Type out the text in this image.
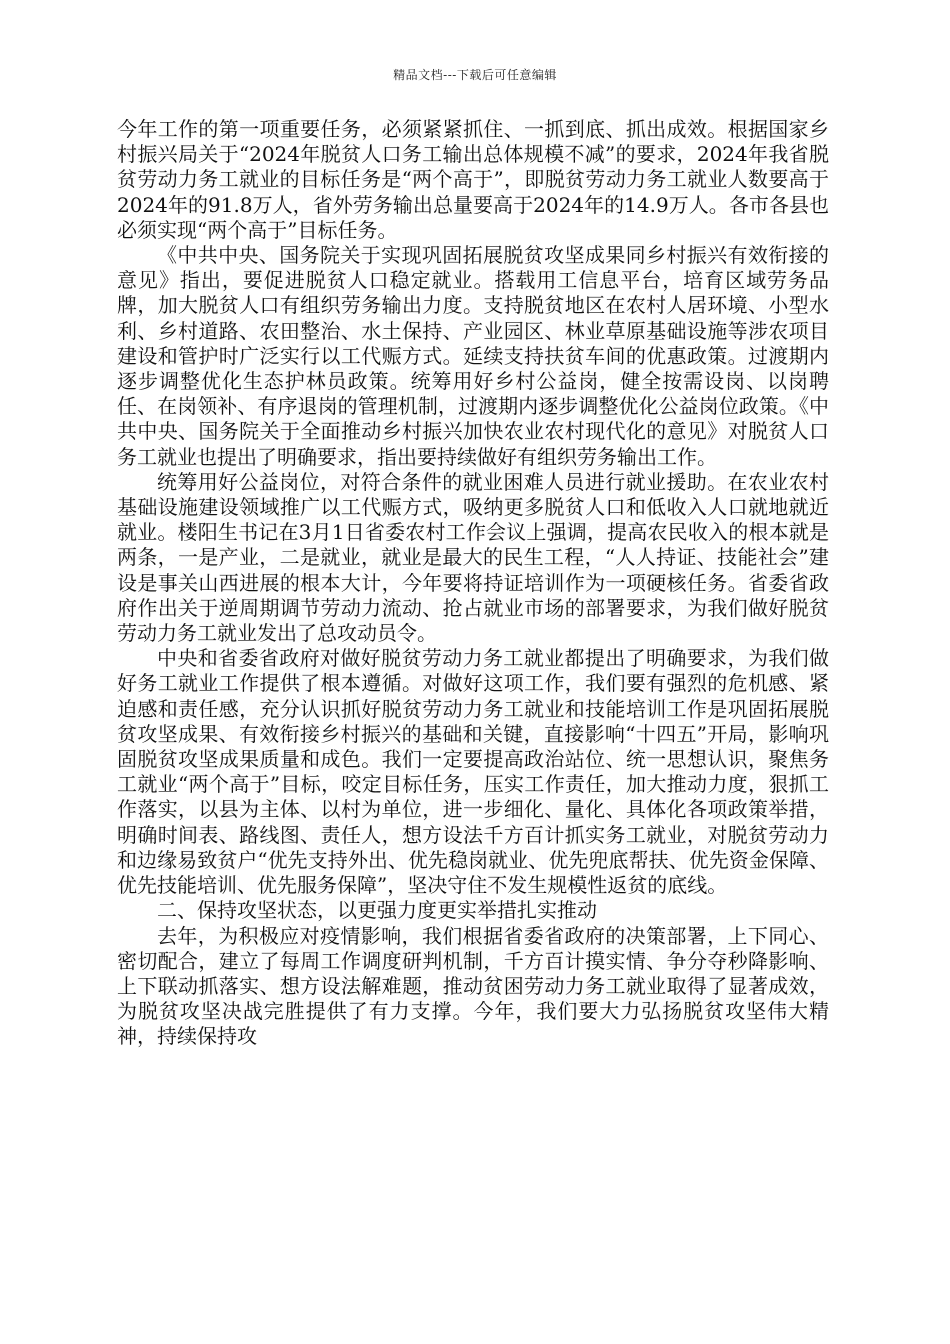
精品文档---下载后可任意编辑

今年工作的第一项重要任务，必须紧紧抓住、一抓到底、抓出成效。根据国家乡村振兴局关于“2024年脱贫人口务工输出总体规模不减”的要求，2024年我省脱贫劳动力务工就业的目标任务是“两个高于”，即脱贫劳动力务工就业人数要高于2024年的91.8万人，省外劳务输出总量要高于2024年的14.9万人。各市各县也必须实现“两个高于”目标任务。

《中共中央、国务院关于实现巩固拓展脱贫攻坚成果同乡村振兴有效衔接的意见》指出，要促进脱贫人口稳定就业。搭载用工信息平台，培育区域劳务品牌，加大脱贫人口有组织劳务输出力度。支持脱贫地区在农村人居环境、小型水利、乡村道路、农田整治、水土保持、产业园区、林业草原基础设施等涉农项目建设和管护时广泛实行以工代赈方式。延续支持扶贫车间的优惠政策。过渡期内逐步调整优化生态护林员政策。统筹用好乡村公益岗，健全按需设岗、以岗聘任、在岗领补、有序退岗的管理机制，过渡期内逐步调整优化公益岗位政策。《中共中央、国务院关于全面推动乡村振兴加快农业农村现代化的意见》对脱贫人口务工就业也提出了明确要求，指出要持续做好有组织劳务输出工作。

统筹用好公益岗位，对符合条件的就业困难人员进行就业援助。在农业农村基础设施建设领域推广以工代赈方式，吸纳更多脱贫人口和低收入人口就地就近就业。楼阳生书记在3月1日省委农村工作会议上强调，提高农民收入的根本就是两条，一是产业，二是就业，就业是最大的民生工程，“人人持证、技能社会”建设是事关山西进展的根本大计，今年要将持证培训作为一项硬核任务。省委省政府作出关于逆周期调节劳动力流动、抢占就业市场的部署要求，为我们做好脱贫劳动力务工就业发出了总攻动员令。

中央和省委省政府对做好脱贫劳动力务工就业都提出了明确要求，为我们做好务工就业工作提供了根本遵循。对做好这项工作，我们要有强烈的危机感、紧迫感和责任感，充分认识抓好脱贫劳动力务工就业和技能培训工作是巩固拓展脱贫攻坚成果、有效衔接乡村振兴的基础和关键，直接影响“十四五”开局，影响巩固脱贫攻坚成果质量和成色。我们一定要提高政治站位、统一思想认识，聚焦务工就业“两个高于”目标，咬定目标任务，压实工作责任，加大推动力度，狠抓工作落实，以县为主体、以村为单位，进一步细化、量化、具体化各项政策举措，明确时间表、路线图、责任人，想方设法千方百计抓实务工就业，对脱贫劳动力和边缘易致贫户“优先支持外出、优先稳岗就业、优先兜底帮扶、优先资金保障、优先技能培训、优先服务保障”，坚决守住不发生规模性返贫的底线。

二、保持攻坚状态，以更强力度更实举措扎实推动

去年，为积极应对疫情影响，我们根据省委省政府的决策部署，上下同心、密切配合，建立了每周工作调度研判机制，千方百计摸实情、争分夺秒降影响、上下联动抓落实、想方设法解难题，推动贫困劳动力务工就业取得了显著成效，为脱贫攻坚决战完胜提供了有力支撑。今年，我们要大力弘扬脱贫攻坚伟大精神，持续保持攻
